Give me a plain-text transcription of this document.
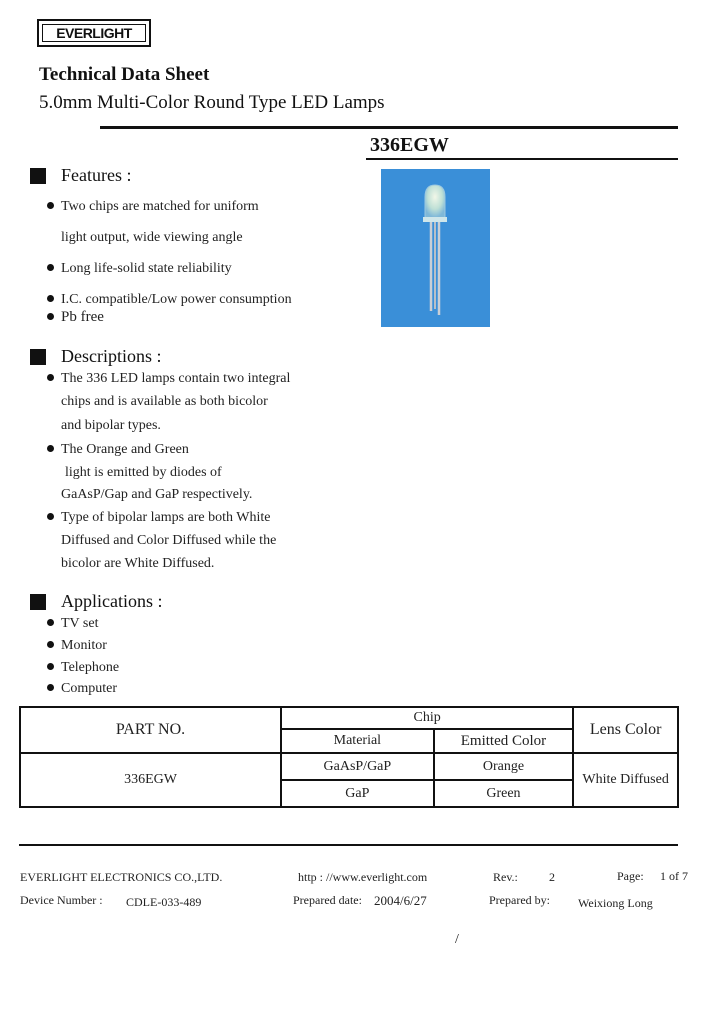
EVERLIGHT
Technical Data Sheet
5.0mm Multi-Color Round Type LED Lamps
336EGW
Features :
Two chips are matched for uniform
light output, wide viewing angle
Long life-solid state reliability
I.C. compatible/Low power consumption
Pb free
Descriptions :
The 336 LED lamps contain two integral
chips and is available as both bicolor
and bipolar types.
The Orange and Green
light is emitted by diodes of
GaAsP/Gap and GaP respectively.
Type of bipolar lamps are both White
Diffused and Color Diffused while the
bicolor are White Diffused.
Applications :
TV set
Monitor
Telephone
Computer
PART NO.	Chip		Lens Color
	Material	Emitted Color	
336EGW	GaAsP/GaP	Orange	White Diffused
	GaP	Green	
EVERLIGHT ELECTRONICS CO.,LTD.	http : //www.everlight.com	Rev.:	2	Page: 1 of 7
Device Number : CDLE-033-489	Prepared date: 2004/6/27	Prepared by: Weixiong Long
/
